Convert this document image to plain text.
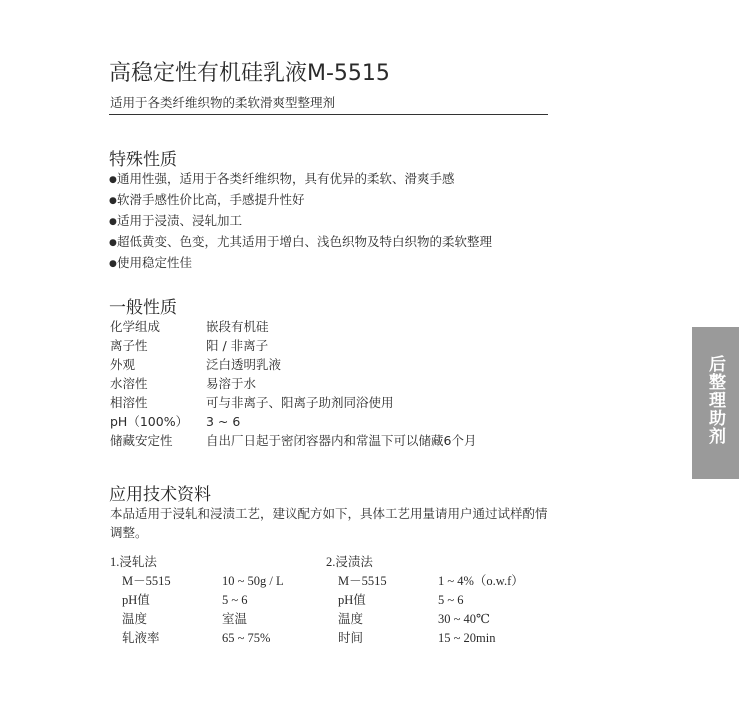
高稳定性有机硅乳液M-5515
适用于各类纤维织物的柔软滑爽型整理剂
特殊性质
● 通用性强，适用于各类纤维织物，具有优异的柔软、滑爽手感
● 软滑手感性价比高，手感提升性好
● 适用于浸渍、浸轧加工
● 超低黄变、色变，尤其适用于增白、浅色织物及特白织物的柔软整理
● 使用稳定性佳
一般性质
化学组成	嵌段有机硅
离子性	阳 / 非离子
外观	泛白透明乳液
水溶性	易溶于水
相溶性	可与非离子、阳离子助剂同浴使用
pH（100%）	3 ~ 6
储藏安定性	自出厂日起于密闭容器内和常温下可以储藏6个月
应用技术资料
本品适用于浸轧和浸渍工艺，建议配方如下，具体工艺用量请用户通过试样酌情调整。
1.浸轧法
M－5515	10 ~ 50g / L
pH值	5 ~ 6
温度	室温
轧液率	65 ~ 75%
2.浸渍法
M－5515	1 ~ 4%（o.w.f）
pH值	5 ~ 6
温度	30 ~ 40℃
时间	15 ~ 20min
后整理助剂
